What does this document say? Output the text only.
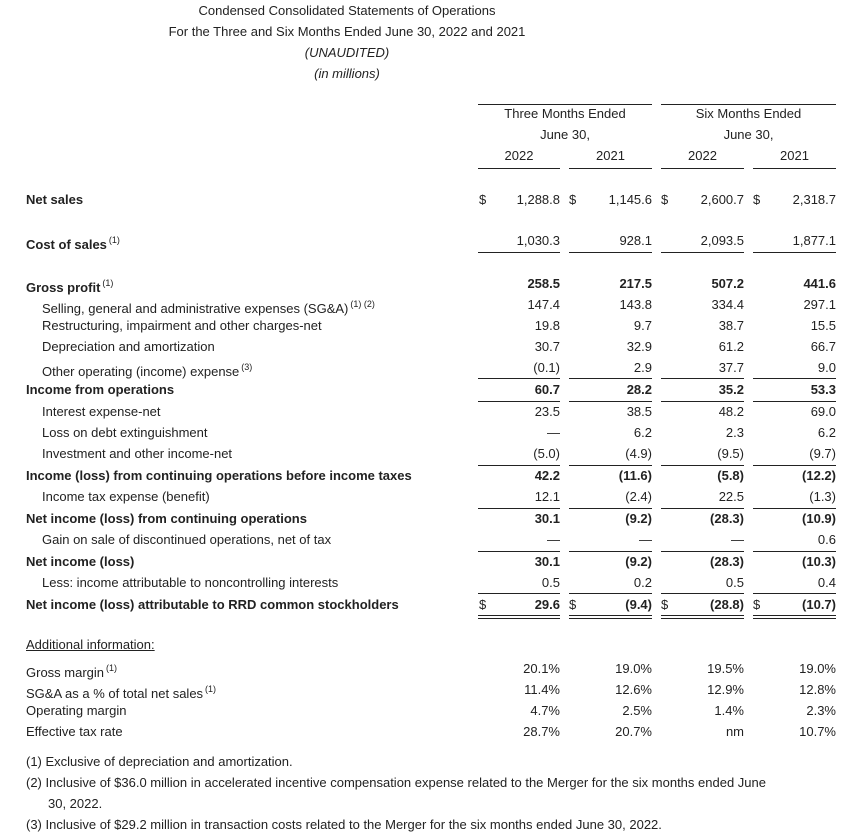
Condensed Consolidated Statements of Operations
For the Three and Six Months Ended June 30, 2022 and 2021
(UNAUDITED)
(in millions)
Three Months Ended
June 30,
Six Months Ended
June 30,
2022	2021	2022	2021
Net sales	$	1,288.8 $	1,145.6 $	2,600.7 $	2,318.7
Cost of sales $^{(1)}$	1,030.3	928.1	2,093.5	1,877.1
Gross profit $^{(1)}$	258.5	217.5	507.2	441.6
Selling, general and administrative expenses (SG&A) $^{(1) (2)}$	147.4	143.8	334.4	297.1
Restructuring, impairment and other charges-net	19.8	9.7	38.7	15.5
Depreciation and amortization	30.7	32.9	61.2	66.7
Other operating (income) expense $^{(3)}$	(0.1)	2.9	37.7	9.0
Income from operations	60.7	28.2	35.2	53.3
Interest expense-net	23.5	38.5	48.2	69.0
Loss on debt extinguishment	—	6.2	2.3	6.2
Investment and other income-net	(5.0)	(4.9)	(9.5)	(9.7)
Income (loss) from continuing operations before income taxes	42.2	(11.6)	(5.8)	(12.2)
Income tax expense (benefit)	12.1	(2.4)	22.5	(1.3)
Net income (loss) from continuing operations	30.1	(9.2)	(28.3)	(10.9)
Gain on sale of discontinued operations, net of tax	—	—	—	0.6
Net income (loss)	30.1	(9.2)	(28.3)	(10.3)
Less: income attributable to noncontrolling interests	0.5	0.2	0.5	0.4
Net income (loss) attributable to RRD common stockholders	$	29.6 $	(9.4) $	(28.8) $	(10.7)
Additional information:
Gross margin $^{(1)}$	20.1%	19.0%	19.5%	19.0%
SG&A as a % of total net sales $^{(1)}$	11.4%	12.6%	12.9%	12.8%
Operating margin	4.7%	2.5%	1.4%	2.3%
Effective tax rate	28.7%	20.7%	nm	10.7%
(1) Exclusive of depreciation and amortization.
(2) Inclusive of $36.0 million in accelerated incentive compensation expense related to the Merger for the six months ended June
30, 2022.
(3) Inclusive of $29.2 million in transaction costs related to the Merger for the six months ended June 30, 2022.
